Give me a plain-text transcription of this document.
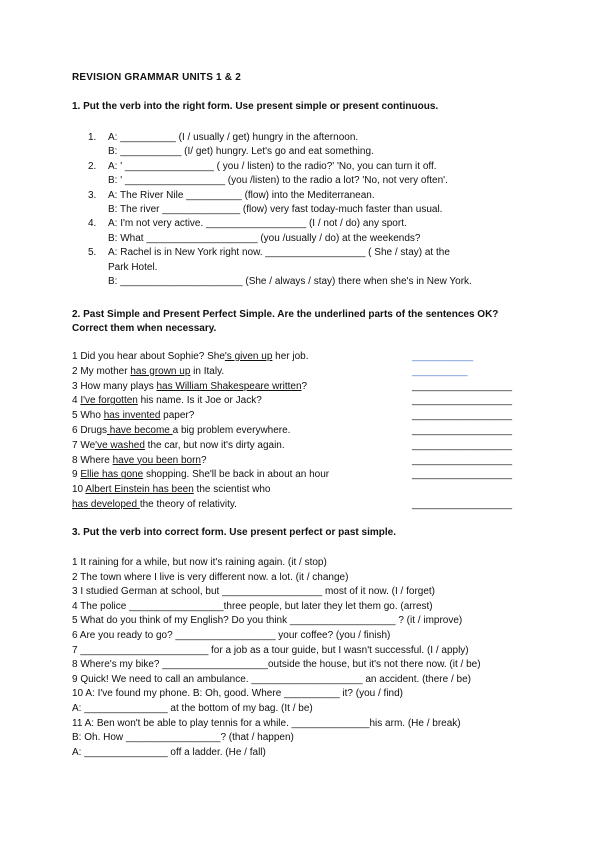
REVISION GRAMMAR UNITS 1 & 2
1. Put the verb into the right form. Use present simple or present continuous.
1.	A: __________ (I / usually / get) hungry in the afternoon.
B: ___________ (I/ get) hungry. Let's go and eat something.
2.	A: ' ________________ ( you / listen) to the radio?' 'No, you can turn it off.
B: ' __________________ (you /listen) to the radio a lot? 'No, not very often'.
3.	A: The River Nile __________ (flow) into the Mediterranean.
B: The river ______________ (flow) very fast today-much faster than usual.
4.	A: I'm not very active. __________________ (I / not / do) any sport.
B: What ____________________ (you /usually / do) at the weekends?
5.	A: Rachel is in New York right now. __________________ ( She / stay) at the
Park Hotel.
B: ______________________ (She / always / stay) there when she's in New York.
2. Past Simple and Present Perfect Simple. Are the underlined parts of the sentences OK? Correct them when necessary.
1 Did you hear about Sophie? She's given up her job.	___________
2 My mother has grown up in Italy.	__________
3 How many plays has William Shakespeare written?	__________________
4 I've forgotten his name. Is it Joe or Jack?	__________________
5 Who has invented paper?	__________________
6 Drugs have become a big problem everywhere.	__________________
7 We've washed the car, but now it's dirty again.	__________________
8 Where have you been born?	__________________
9 Ellie has gone shopping. She'll be back in about an hour	__________________
10 Albert Einstein has been the scientist who
has developed the theory of relativity.	__________________
3. Put the verb into correct form. Use present perfect or past simple.
1 It raining for a while, but now it's raining again. (it / stop)
2 The town where I live is very different now. a lot. (it / change)
3 I studied German at school, but __________________ most of it now. (I / forget)
4 The police _________________three people, but later they let them go. (arrest)
5 What do you think of my English? Do you think ___________________ ? (it / improve)
6 Are you ready to go? __________________ your coffee? (you / finish)
7 _______________________ for a job as a tour guide, but I wasn't successful. (I / apply)
8 Where's my bike? ___________________outside the house, but it's not there now. (it / be)
9 Quick! We need to call an ambulance. ____________________ an accident. (there / be)
10 A: I've found my phone. B: Oh, good. Where __________ it? (you / find)
A: _______________ at the bottom of my bag. (It / be)
11 A: Ben won't be able to play tennis for a while. ______________his arm. (He / break)
B: Oh. How _________________? (that / happen)
A: _______________ off a ladder. (He / fall)
